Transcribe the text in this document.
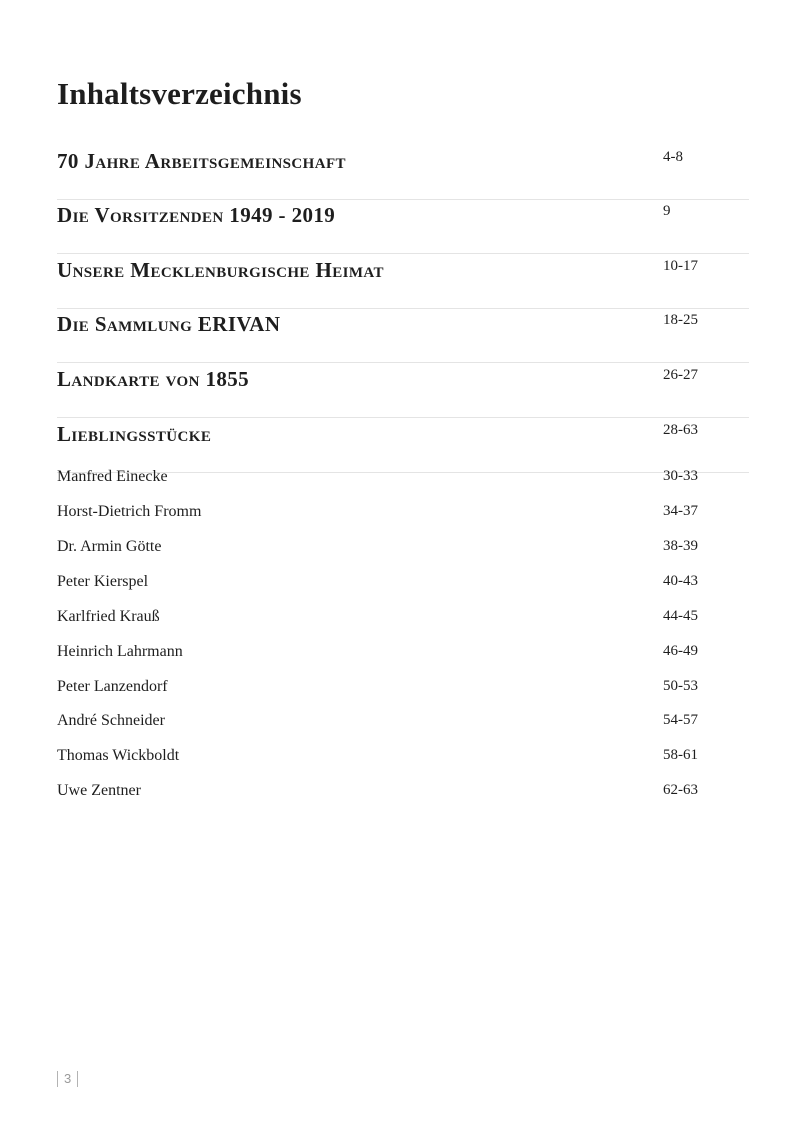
Inhaltsverzeichnis
70 Jahre Arbeitsgemeinschaft	4-8
Die Vorsitzenden 1949 - 2019	9
Unsere Mecklenburgische Heimat	10-17
Die Sammlung ERIVAN	18-25
Landkarte von 1855	26-27
Lieblingsstücke	28-63
Manfred Einecke	30-33
Horst-Dietrich Fromm	34-37
Dr. Armin Götte	38-39
Peter Kierspel	40-43
Karlfried Krauß	44-45
Heinrich Lahrmann	46-49
Peter Lanzendorf	50-53
André Schneider	54-57
Thomas Wickboldt	58-61
Uwe Zentner	62-63
3
